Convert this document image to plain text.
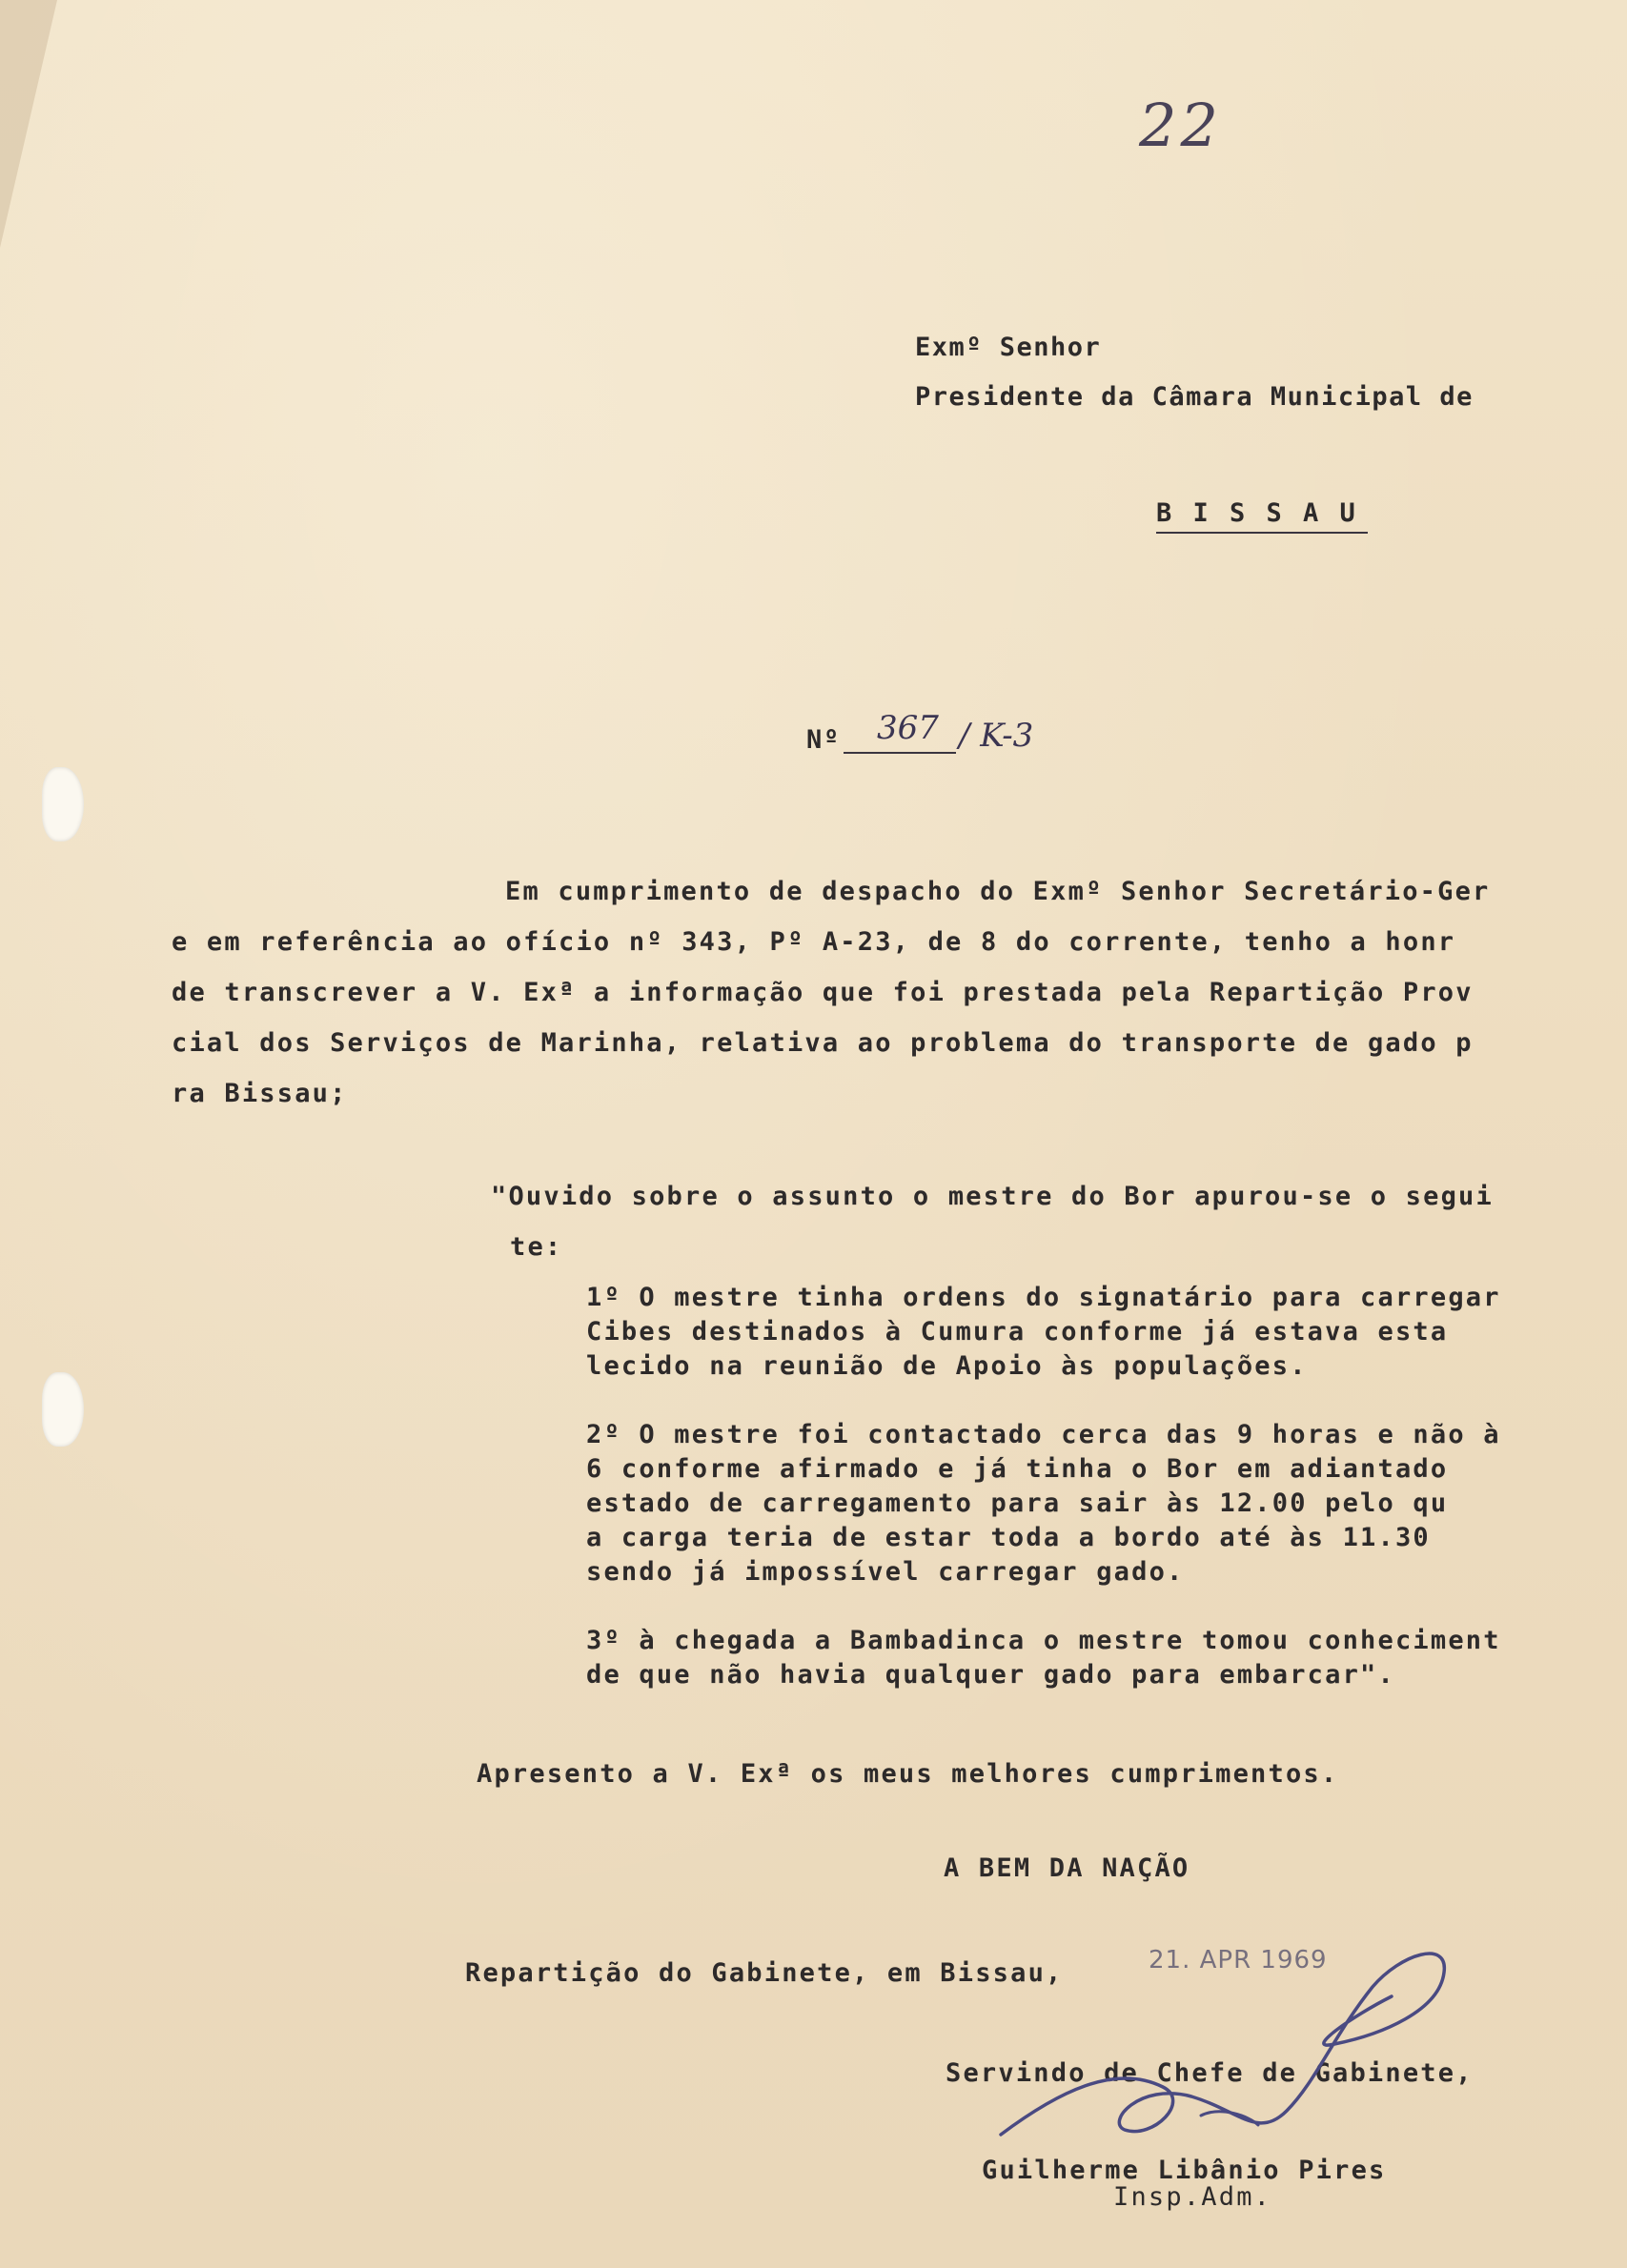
22
Exmº Senhor
Presidente da Câmara Municipal de
B I S S A U
Nº 367 / K-3
Em cumprimento de despacho do Exmº Senhor Secretário-Ger
e em referência ao ofício nº 343, Pº A-23, de 8 do corrente, tenho a honr
de transcrever a V. Exª a informação que foi prestada pela Repartição Prov
cial dos Serviços de Marinha, relativa ao problema do transporte de gado p
ra Bissau;
"Ouvido sobre o assunto o mestre do Bor apurou-se o segui
te:
1º O mestre tinha ordens do signatário para carregar
Cibes destinados à Cumura conforme já estava esta
lecido na reunião de Apoio às populações.
2º O mestre foi contactado cerca das 9 horas e não à
6 conforme afirmado e já tinha o Bor em adiantado
estado de carregamento para sair às 12.00 pelo qu
a carga teria de estar toda a bordo até às 11.30
sendo já impossível carregar gado.
3º à chegada a Bambadinca o mestre tomou conheciment
de que não havia qualquer gado para embarcar".
Apresento a V. Exª os meus melhores cumprimentos.
A BEM DA NAÇÃO
Repartição do Gabinete, em Bissau,	21. APR 1969
Servindo de Chefe de Gabinete,
Guilherme Libânio Pires
Insp.Adm.
